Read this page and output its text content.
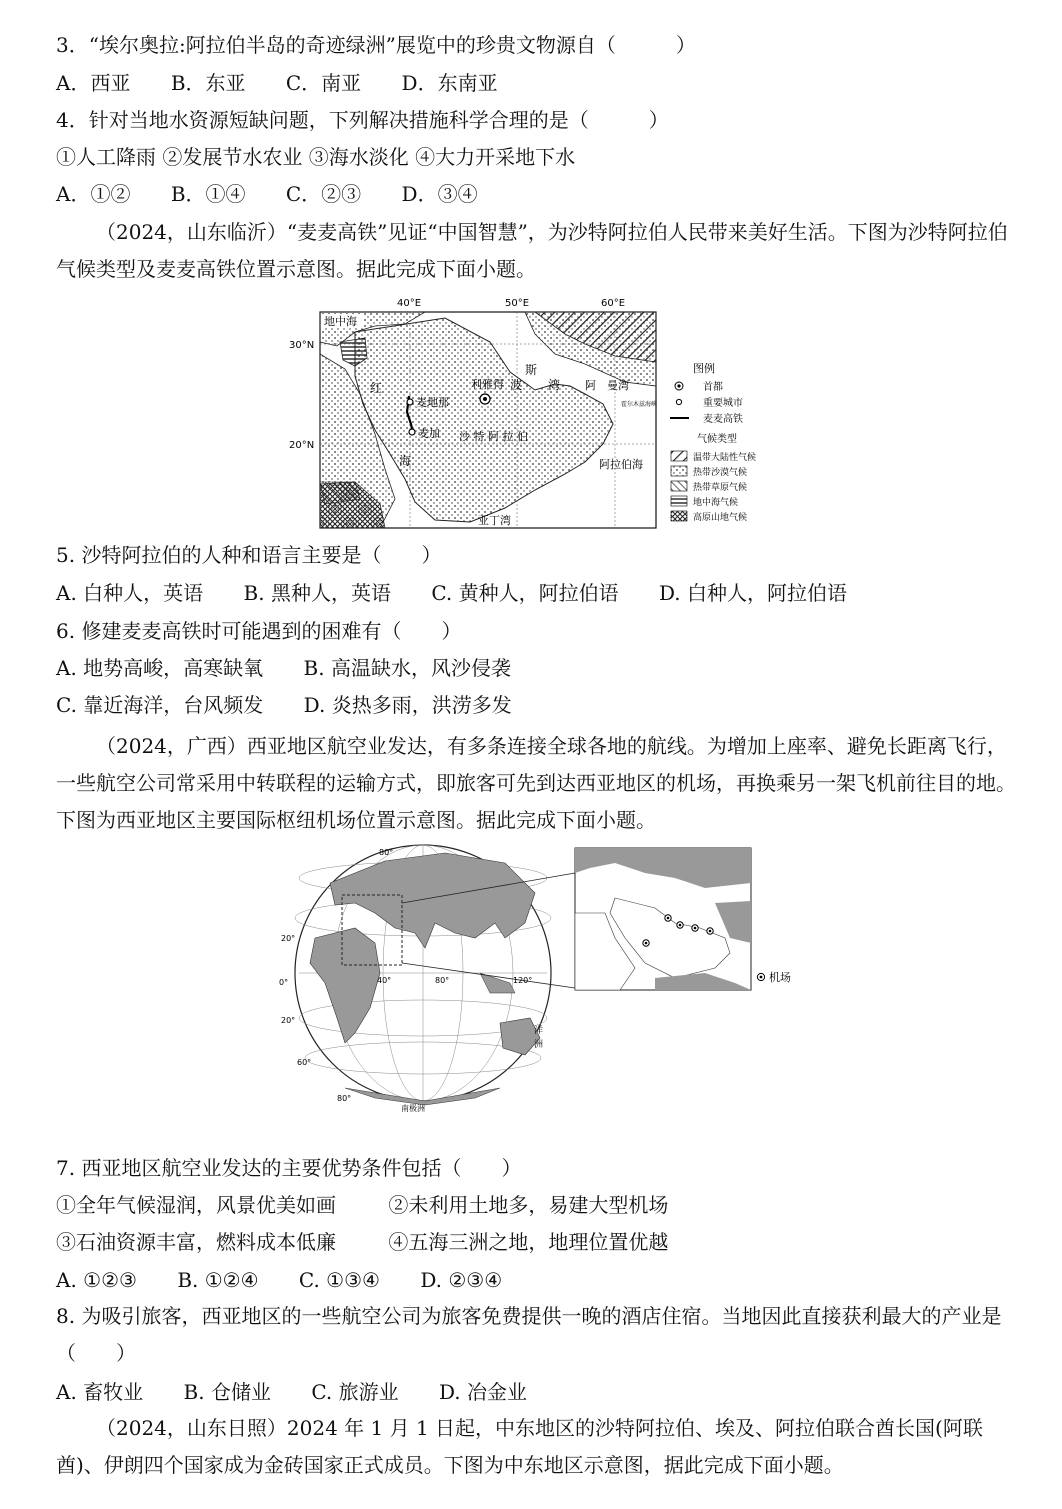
3．“埃尔奥拉:阿拉伯半岛的奇迹绿洲”展览中的珍贵文物源自（　　　）
A．西亚 B．东亚 C．南亚 D．东南亚
4．针对当地水资源短缺问题，下列解决措施科学合理的是（　　　）
①人工降雨 ②发展节水农业 ③海水淡化 ④大力开采地下水
A．①② B．①④ C．②③ D．③④
（2024，山东临沂）“麦麦高铁”见证“中国智慧”，为沙特阿拉伯人民带来美好生活。下图为沙特阿拉伯气候类型及麦麦高铁位置示意图。据此完成下面小题。
40°E	50°E	60°E
30°N
20°N
地中海
红
海
波
斯
湾 阿　曼湾
霍尔木兹海峡
利雅得
麦地那
麦加 沙 特 阿 拉 伯
阿拉伯海
亚丁湾
图例
首都
重要城市
麦麦高铁
气候类型
温带大陆性气候
热带沙漠气候
热带草原气候
地中海气候
高原山地气候
5. 沙特阿拉伯的人种和语言主要是（　　）
A. 白种人，英语 B. 黑种人，英语 C. 黄种人，阿拉伯语 D. 白种人，阿拉伯语
6. 修建麦麦高铁时可能遇到的困难有（　　）
A. 地势高峻，高寒缺氧 B. 高温缺水，风沙侵袭
C. 靠近海洋，台风频发 D. 炎热多雨，洪涝多发
（2024，广西）西亚地区航空业发达，有多条连接全球各地的航线。为增加上座率、避免长距离飞行，一些航空公司常采用中转联程的运输方式，即旅客可先到达西亚地区的机场，再换乘另一架飞机前往目的地。下图为西亚地区主要国际枢纽机场位置示意图。据此完成下面小题。
机场
80°
20°
0°
20°
60°
80°
40°	80°	120°
南极洲
洋
洲
7. 西亚地区航空业发达的主要优势条件包括（　　）
①全年气候湿润，风景优美如画	②未利用土地多，易建大型机场
③石油资源丰富，燃料成本低廉	④五海三洲之地，地理位置优越
A. ①②③ B. ①②④ C. ①③④ D. ②③④
8. 为吸引旅客，西亚地区的一些航空公司为旅客免费提供一晚的酒店住宿。当地因此直接获利最大的产业是（　　）
A. 畜牧业 B. 仓储业 C. 旅游业 D. 冶金业
（2024，山东日照）2024 年 1 月 1 日起，中东地区的沙特阿拉伯、埃及、阿拉伯联合酋长国(阿联酋)、伊朗四个国家成为金砖国家正式成员。下图为中东地区示意图，据此完成下面小题。
